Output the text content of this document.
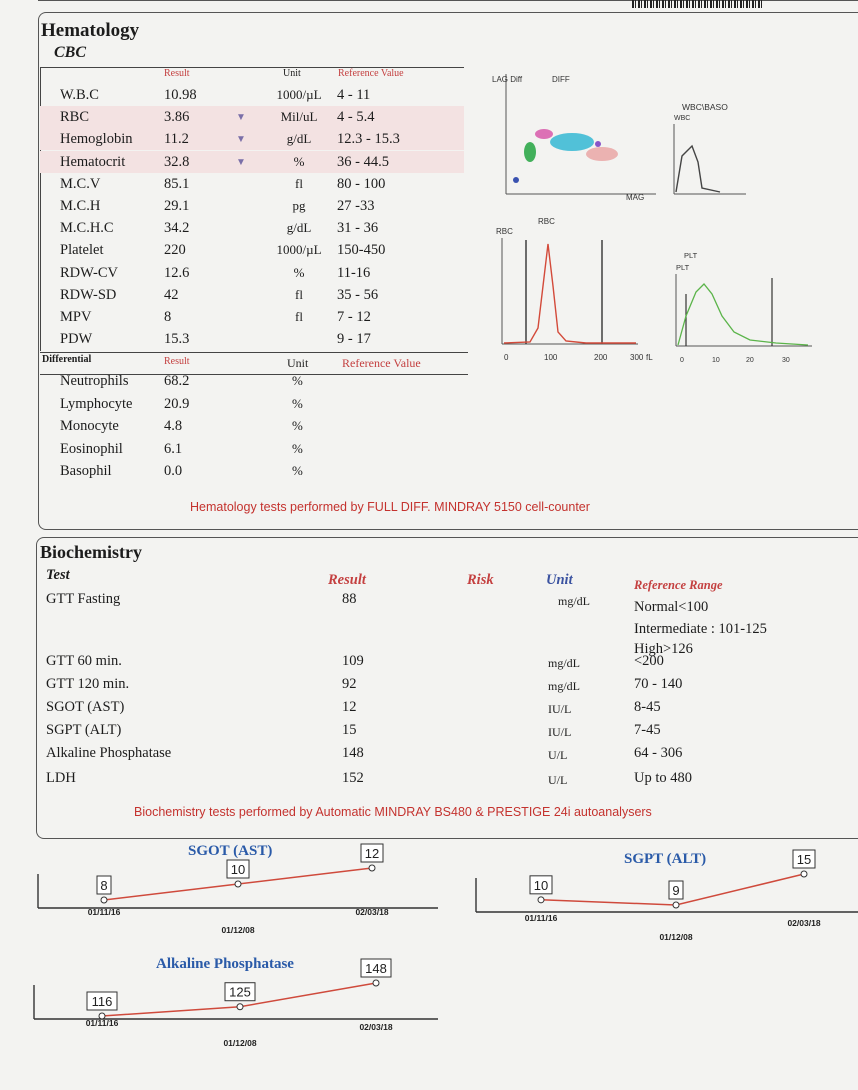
Hematology
CBC
Result	Unit	Reference Value
W.B.C	10.98	1000/µL	4 - 11
RBC	3.86	▼	Mil/uL	4 - 5.4
Hemoglobin 11.2	▼	g/dL	12.3 - 15.3
Hematocrit	32.8	▼	%	36 - 44.5
M.C.V	85.1	fl	80 - 100
M.C.H	29.1	pg	27 -33
M.C.H.C	34.2	g/dL	31 - 36
Platelet	220	1000/µL	150-450
RDW-CV	12.6	%	11-16
RDW-SD	42	fl	35 - 56
MPV	8	fl	7 - 12
PDW	15.3	9 - 17
Differential	Result	Unit	Reference Value
Neutrophils 68.2	%
Lymphocyte 20.9	%
Monocyte	4.8	%
Eosinophil	6.1	%
Basophil	0.0	%
Hematology tests performed by FULL DIFF. MINDRAY 5150 cell-counter
LAG Diff	DIFF
MAG
WBC\BASO
WBC
RBC
RBC
0	100	200	300 fL
PLT
PLT
0	10	20	30
Biochemistry
Test	Result	Risk	Unit	Reference Range
GTT Fasting	88	mg/dL	Normal<100
Intermediate : 101-125
High>126
GTT 60 min.	109	mg/dL	<200
GTT 120 min.	92	mg/dL	70 - 140
SGOT (AST)	12	IU/L	8-45
SGPT (ALT)	15	IU/L	7-45
Alkaline Phosphatase	148	U/L	64 - 306
LDH	152	U/L	Up to 480
Biochemistry tests performed by Automatic MINDRAY BS480 & PRESTIGE 24i autoanalysers
SGOT (AST)	SGPT (ALT)
Alkaline Phosphatase
8
01/11/16
10
01/12/08
12
02/03/18
10
01/11/16
9
01/12/08
15
02/03/18
116
01/11/16
125
01/12/08
148
02/03/18
